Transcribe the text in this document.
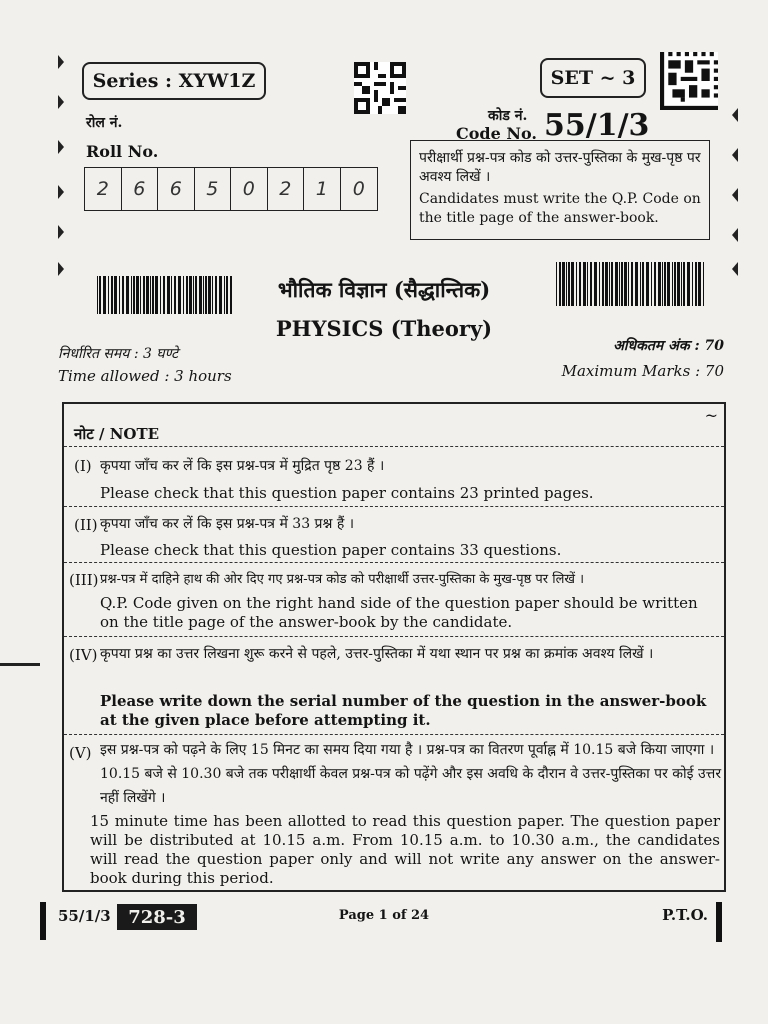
Series : XYW1Z	SET ~ 3
रोल नं.
Roll No.
2	6	6	5	0	2	1	0
कोड नं.
Code No. 55/1/3
परीक्षार्थी प्रश्न-पत्र कोड को उत्तर-पुस्तिका के मुख-पृष्ठ पर अवश्य लिखें ।
Candidates must write the Q.P. Code on the title page of the answer-book.
भौतिक विज्ञान (सैद्धान्तिक)
PHYSICS (Theory)
निर्धारित समय : 3 घण्टे
Time allowed : 3 hours
अधिकतम अंक : 70
Maximum Marks : 70
नोट / NOTE
~
(I) कृपया जाँच कर लें कि इस प्रश्न-पत्र में मुद्रित पृष्ठ 23 हैं ।
Please check that this question paper contains 23 printed pages.
(II) कृपया जाँच कर लें कि इस प्रश्न-पत्र में 33 प्रश्न हैं ।
Please check that this question paper contains 33 questions.
(III) प्रश्न-पत्र में दाहिने हाथ की ओर दिए गए प्रश्न-पत्र कोड को परीक्षार्थी उत्तर-पुस्तिका के मुख-पृष्ठ पर लिखें ।
Q.P. Code given on the right hand side of the question paper should be written on the title page of the answer-book by the candidate.
(IV) कृपया प्रश्न का उत्तर लिखना शुरू करने से पहले, उत्तर-पुस्तिका में यथा स्थान पर प्रश्न का क्रमांक अवश्य लिखें ।
Please write down the serial number of the question in the answer-book at the given place before attempting it.
(V) इस प्रश्न-पत्र को पढ़ने के लिए 15 मिनट का समय दिया गया है । प्रश्न-पत्र का वितरण पूर्वाह्न में 10.15 बजे किया जाएगा । 10.15 बजे से 10.30 बजे तक परीक्षार्थी केवल प्रश्न-पत्र को पढ़ेंगे और इस अवधि के दौरान वे उत्तर-पुस्तिका पर कोई उत्तर नहीं लिखेंगे ।
15 minute time has been allotted to read this question paper. The question paper will be distributed at 10.15 a.m. From 10.15 a.m. to 10.30 a.m., the candidates will read the question paper only and will not write any answer on the answer-book during this period.
55/1/3 728-3	Page 1 of 24	P.T.O.
